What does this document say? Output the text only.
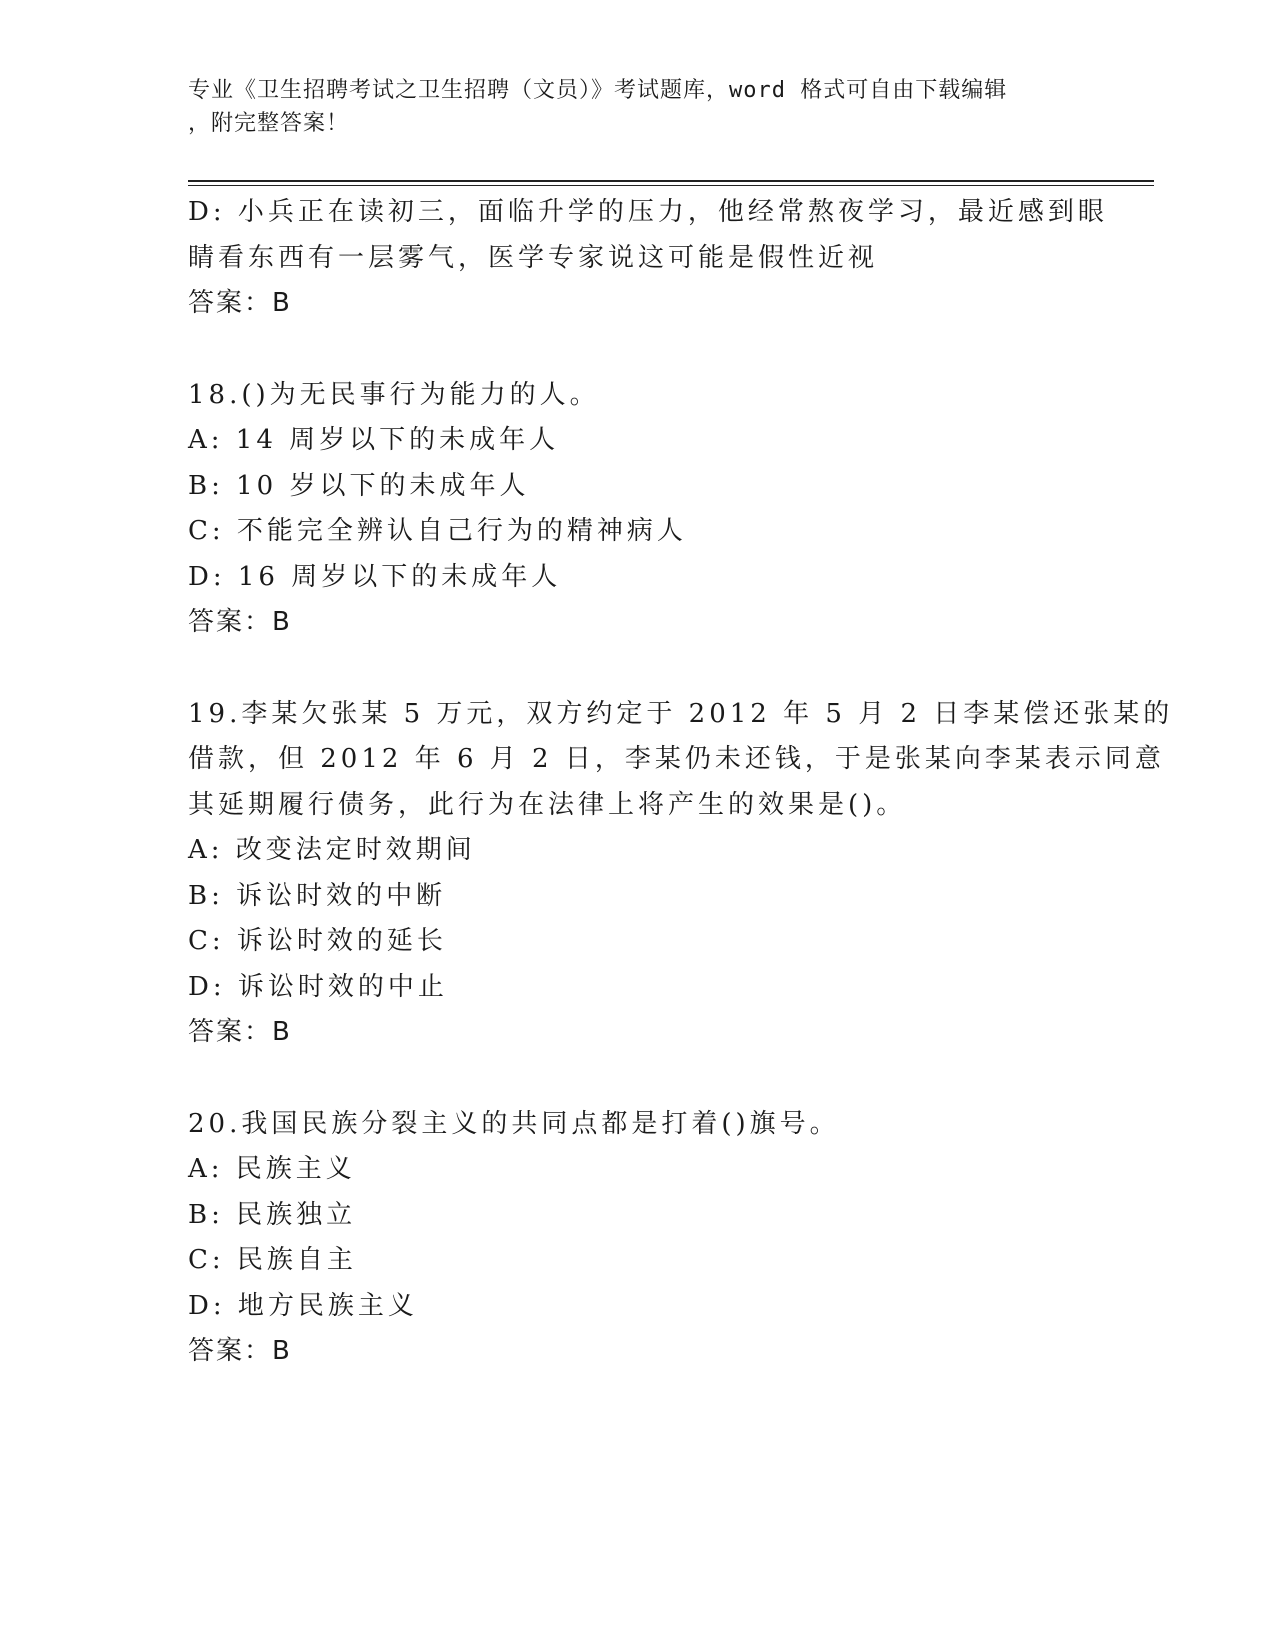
专业《卫生招聘考试之卫生招聘（文员）》考试题库，word 格式可自由下载编辑
，附完整答案！
D: 小兵正在读初三，面临升学的压力，他经常熬夜学习，最近感到眼
睛看东西有一层雾气，医学专家说这可能是假性近视
答案：B
18.()为无民事行为能力的人。
A: 14 周岁以下的未成年人
B: 10 岁以下的未成年人
C: 不能完全辨认自己行为的精神病人
D: 16 周岁以下的未成年人
答案：B
19.李某欠张某 5 万元，双方约定于 2012 年 5 月 2 日李某偿还张某的
借款，但 2012 年 6 月 2 日，李某仍未还钱，于是张某向李某表示同意
其延期履行债务，此行为在法律上将产生的效果是()。
A: 改变法定时效期间
B: 诉讼时效的中断
C: 诉讼时效的延长
D: 诉讼时效的中止
答案：B
20.我国民族分裂主义的共同点都是打着()旗号。
A: 民族主义
B: 民族独立
C: 民族自主
D: 地方民族主义
答案：B
